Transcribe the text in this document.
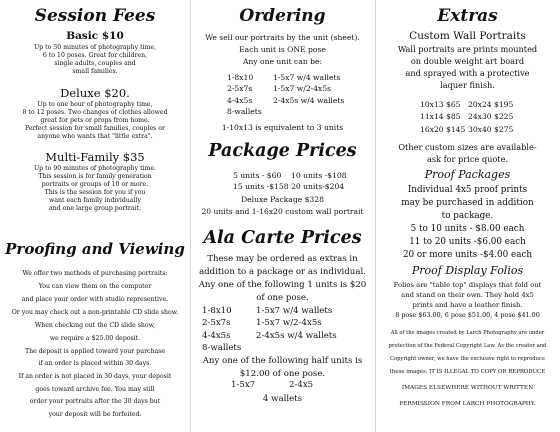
Session Fees
Basic $10
Up to 30 minutes of photography time,
6 to 10 poses. Great for children,
single adults, couples and
small families.
Deluxe $20.
Up to one hour of photography time,
8 to 12 poses. Two changes of clothes allowed
great for pets or props from home.
Perfect session for small families, couples or
anyone who wants that "little extra".
Multi-Family $35
Up to 90 minutes of photography time.
This session is for family generation
portraits or groups of 10 or more.
This is the session for you if you
want each family individually
and one large group portrait.
Proofing and Viewing
We offer two methods of purchasing portraits:
You can view them on the computer
and place your order with studio representive.
Or you may check out a non-printable CD slide show.
When checking out the CD slide show,
we require a $25.00 deposit.
The deposit is applied toward your purchase
if an order is placed within 30 days.
If an order is not placed in 30 days, your deposit
goes toward archive fee. You may still
order your portraits after the 30 days but
your deposit will be forfeited.
Ordering
We sell our portraits by the unit (sheet).
Each unit is ONE pose
Any one unit can be:
1-8x10	1-5x7 w/4 wallets
2-5x7s	1-5x7 w/2-4x5s
4-4x5s	2-4x5s w/4 wallets
8-wallets
1-10x13 is equivalent to 3 units
Package Prices
5 units - $60	10 units -$108
15 units -$158 20 units-$204
Deluxe Package $328
20 units and 1-16x20 custom wall portrait
Ala Carte Prices
These may be ordered as extras in
addition to a package or as individual.
Any one of the following 1 units is $20
of one pose.
1-8x10	1-5x7 w/4 wallets
2-5x7s	1-5x7 w/2-4x5s
4-4x5s	2-4x5s w/4 wallets
8-wallets
Any one of the following half units is
$12.00 of one pose.
1-5x7	2-4x5
4 wallets
Extras
Custom Wall Portraits
Wall portraits are prints mounted
on double weight art board
and sprayed with a protective
laquer finish.
10x13 $65 20x24 $195
11x14 $85 24x30 $225
16x20 $145 30x40 $275
Other custom sizes are available-
ask for price quote.
Proof Packages
Individual 4x5 proof prints
may be purchased in addition
to package.
5 to 10 units - $8.00 each
11 to 20 units -$6.00 each
20 or more units -$4.00 each
Proof Display Folios
Folios are "table top" displays that fold out
and stand on their own. They hold 4x5
prints and have a leather finish.
8 pose $63.00, 6 pose $51.00, 4 pose $41.00
All of the images created by Larch Photography are under
protection of the Federal Copyright Law. As the creator and
Copyright owner, we have the exclusive right to reproduce
these images. IT IS ILLEGAL TO COPY OR REPRODUCE
IMAGES ELSEWHERE WITHOUT WRITTEN
PERMISSION FROM LARCH PHOTOGRAPHY.
